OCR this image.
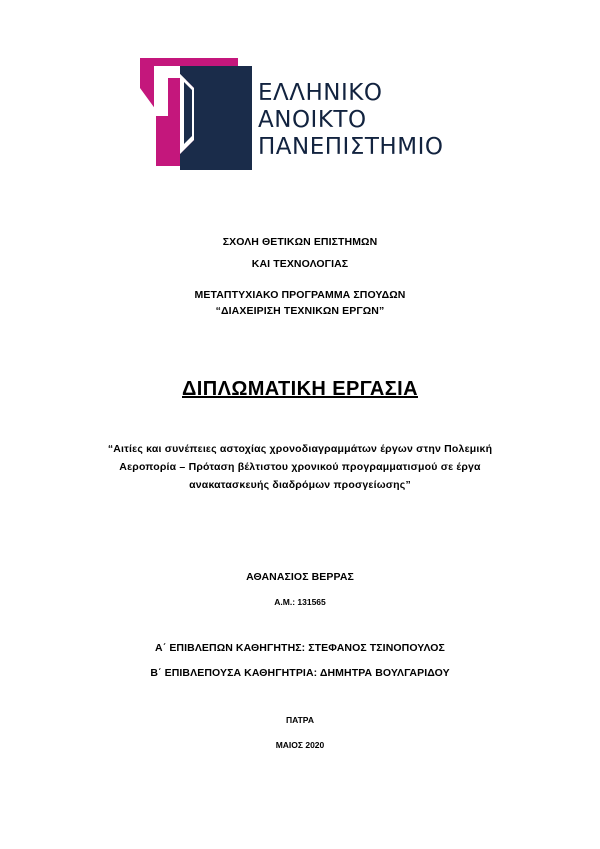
ΕΛΛΗΝΙΚΟ
ΑΝΟΙΚΤΟ
ΠΑΝΕΠΙΣΤΗΜΙΟ
ΣΧΟΛΗ ΘΕΤΙΚΩΝ ΕΠΙΣΤΗΜΩΝ
ΚΑΙ ΤΕΧΝΟΛΟΓΙΑΣ
ΜΕΤΑΠΤΥΧΙΑΚΟ ΠΡΟΓΡΑΜΜΑ ΣΠΟΥΔΩΝ
“ΔΙΑΧΕΙΡΙΣΗ ΤΕΧΝΙΚΩΝ ΕΡΓΩΝ”
ΔΙΠΛΩΜΑΤΙΚΗ ΕΡΓΑΣΙΑ
“Αιτίες και συνέπειες αστοχίας χρονοδιαγραμμάτων έργων στην Πολεμική
Αεροπορία – Πρόταση βέλτιστου χρονικού προγραμματισμού σε έργα
ανακατασκευής διαδρόμων προσγείωσης”
ΑΘΑΝΑΣΙΟΣ ΒΕΡΡΑΣ
Α.Μ.: 131565
Α΄ ΕΠΙΒΛΕΠΩΝ ΚΑΘΗΓΗΤΗΣ: ΣΤΕΦΑΝΟΣ ΤΣΙΝΟΠΟΥΛΟΣ
Β΄ ΕΠΙΒΛΕΠΟΥΣΑ ΚΑΘΗΓΗΤΡΙΑ: ΔΗΜΗΤΡΑ ΒΟΥΛΓΑΡΙΔΟΥ
ΠΑΤΡΑ
ΜΑΙΟΣ 2020
